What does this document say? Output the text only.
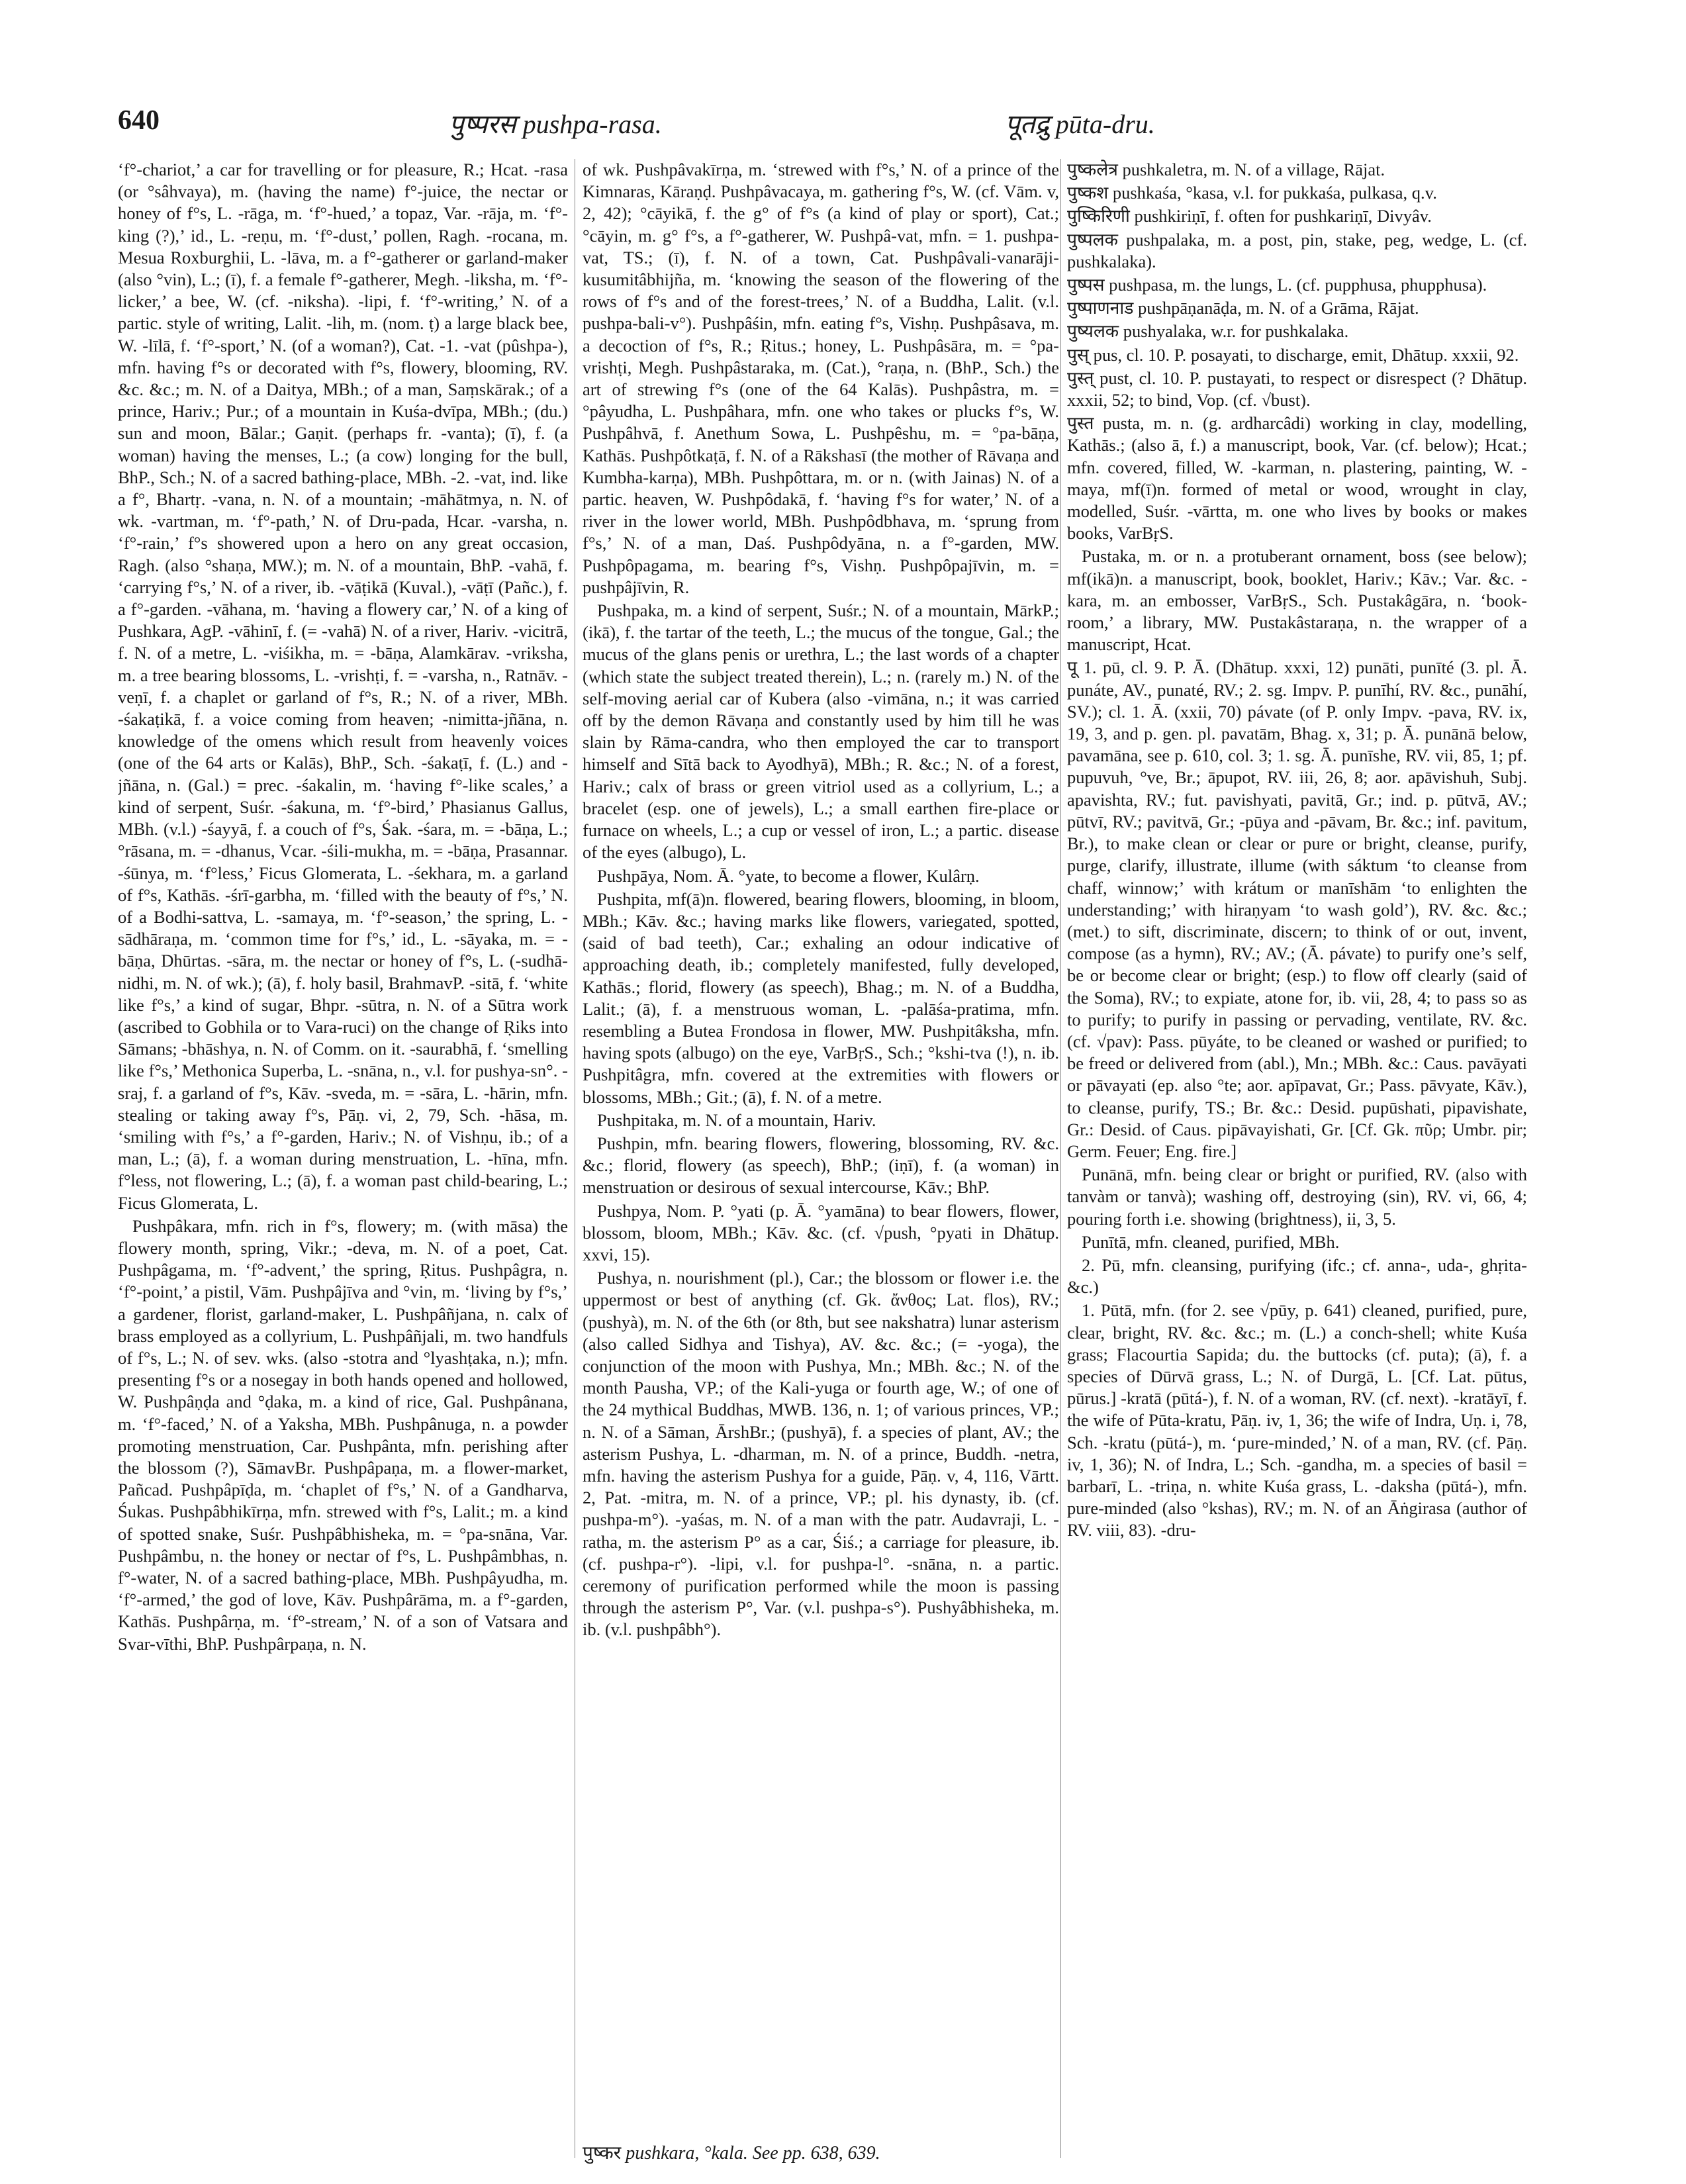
640	पुष्परस pushpa-rasa.	पूतद्रु pūta-dru.

‘f°-chariot,’ a car for travelling or for pleasure, R.; Hcat. -rasa (or °sâhvaya), m. (having the name) f°-juice, the nectar or honey of f°s, L. -rāga, m. ‘f°-hued,’ a topaz, Var. -rāja, m. ‘f°-king (?),’ id., L. -reṇu, m. ‘f°-dust,’ pollen, Ragh. -rocana, m. Mesua Roxburghii, L. -lāva, m. a f°-gatherer or garland-maker (also °vin), L.; (ī), f. a female f°-gatherer, Megh. -liksha, m. ‘f°-licker,’ a bee, W. (cf. -niksha). -lipi, f. ‘f°-writing,’ N. of a partic. style of writing, Lalit. -lih, m. (nom. ṭ) a large black bee, W. -līlā, f. ‘f°-sport,’ N. (of a woman?), Cat. -1. -vat (pûshpa-), mfn. having f°s or decorated with f°s, flowery, blooming, RV. &c. &c.; m. N. of a Daitya, MBh.; of a man, Saṃskārak.; of a prince, Hariv.; Pur.; of a mountain in Kuśa-dvīpa, MBh.; (du.) sun and moon, Bālar.; Gaṇit. (perhaps fr. -vanta); (ī), f. (a woman) having the menses, L.; (a cow) longing for the bull, BhP., Sch.; N. of a sacred bathing-place, MBh. -2. -vat, ind. like a f°, Bhartṛ. -vana, n. N. of a mountain; -māhātmya, n. N. of wk. -vartman, m. ‘f°-path,’ N. of Dru-pada, Hcar. -varsha, n. ‘f°-rain,’ f°s showered upon a hero on any great occasion, Ragh. (also °shaṇa, MW.); m. N. of a mountain, BhP. -vahā, f. ‘carrying f°s,’ N. of a river, ib. -vāṭikā (Kuval.), -vāṭī (Pañc.), f. a f°-garden. -vāhana, m. ‘having a flowery car,’ N. of a king of Pushkara, AgP. -vāhinī, f. (= -vahā) N. of a river, Hariv. -vicitrā, f. N. of a metre, L. -viśikha, m. = -bāṇa, Alamkārav. -vriksha, m. a tree bearing blossoms, L. -vrishṭi, f. = -varsha, n., Ratnāv. -veṇī, f. a chaplet or garland of f°s, R.; N. of a river, MBh. -śakaṭikā, f. a voice coming from heaven; -nimitta-jñāna, n. knowledge of the omens which result from heavenly voices (one of the 64 arts or Kalās), BhP., Sch. -śakaṭī, f. (L.) and -jñāna, n. (Gal.) = prec. -śakalin, m. ‘having f°-like scales,’ a kind of serpent, Suśr. -śakuna, m. ‘f°-bird,’ Phasianus Gallus, MBh. (v.l.) -śayyā, f. a couch of f°s, Śak. -śara, m. = -bāṇa, L.; °rāsana, m. = -dhanus, Vcar. -śili-mukha, m. = -bāṇa, Prasannar. -śūnya, m. ‘f°less,’ Ficus Glomerata, L. -śekhara, m. a garland of f°s, Kathās. -śrī-garbha, m. ‘filled with the beauty of f°s,’ N. of a Bodhi-sattva, L. -samaya, m. ‘f°-season,’ the spring, L. -sādhāraṇa, m. ‘common time for f°s,’ id., L. -sāyaka, m. = -bāṇa, Dhūrtas. -sāra, m. the nectar or honey of f°s, L. (-sudhā-nidhi, m. N. of wk.); (ā), f. holy basil, BrahmavP. -sitā, f. ‘white like f°s,’ a kind of sugar, Bhpr. -sūtra, n. N. of a Sūtra work (ascribed to Gobhila or to Vara-ruci) on the change of Ṛiks into Sāmans; -bhāshya, n. N. of Comm. on it. -saurabhā, f. ‘smelling like f°s,’ Methonica Superba, L. -snāna, n., v.l. for pushya-sn°. -sraj, f. a garland of f°s, Kāv. -sveda, m. = -sāra, L. -hārin, mfn. stealing or taking away f°s, Pāṇ. vi, 2, 79, Sch. -hāsa, m. ‘smiling with f°s,’ a f°-garden, Hariv.; N. of Vishṇu, ib.; of a man, L.; (ā), f. a woman during menstruation, L. -hīna, mfn. f°less, not flowering, L.; (ā), f. a woman past child-bearing, L.; Ficus Glomerata, L.

Pushpâkara, mfn. rich in f°s, flowery; m. (with māsa) the flowery month, spring, Vikr.; -deva, m. N. of a poet, Cat. Pushpâgama, m. ‘f°-advent,’ the spring, Ṛitus. Pushpâgra, n. ‘f°-point,’ a pistil, Vām. Pushpâjīva and °vin, m. ‘living by f°s,’ a gardener, florist, garland-maker, L. Pushpâñjana, n. calx of brass employed as a collyrium, L. Pushpâñjali, m. two handfuls of f°s, L.; N. of sev. wks. (also -stotra and °lyashṭaka, n.); mfn. presenting f°s or a nosegay in both hands opened and hollowed, W. Pushpâṇḍa and °ḍaka, m. a kind of rice, Gal. Pushpânana, m. ‘f°-faced,’ N. of a Yaksha, MBh. Pushpânuga, n. a powder promoting menstruation, Car. Pushpânta, mfn. perishing after the blossom (?), SāmavBr. Pushpâpaṇa, m. a flower-market, Pañcad. Pushpâpīḍa, m. ‘chaplet of f°s,’ N. of a Gandharva, Śukas. Pushpâbhikīrṇa, mfn. strewed with f°s, Lalit.; m. a kind of spotted snake, Suśr. Pushpâbhisheka, m. = °pa-snāna, Var. Pushpâmbu, n. the honey or nectar of f°s, L. Pushpâmbhas, n. f°-water, N. of a sacred bathing-place, MBh. Pushpâyudha, m. ‘f°-armed,’ the god of love, Kāv. Pushpârāma, m. a f°-garden, Kathās. Pushpârṇa, m. ‘f°-stream,’ N. of a son of Vatsara and Svar-vīthi, BhP. Pushpârpaṇa, n. N.

of wk. Pushpâvakīrṇa, m. ‘strewed with f°s,’ N. of a prince of the Kimnaras, Kāraṇḍ. Pushpâvacaya, m. gathering f°s, W. (cf. Vām. v, 2, 42); °cāyikā, f. the g° of f°s (a kind of play or sport), Cat.; °cāyin, m. g° f°s, a f°-gatherer, W. Pushpâ-vat, mfn. = 1. pushpa-vat, TS.; (ī), f. N. of a town, Cat. Pushpâvali-vanarāji-kusumitâbhijña, m. ‘knowing the season of the flowering of the rows of f°s and of the forest-trees,’ N. of a Buddha, Lalit. (v.l. pushpa-bali-v°). Pushpâśin, mfn. eating f°s, Vishṇ. Pushpâsava, m. a decoction of f°s, R.; Ṛitus.; honey, L. Pushpâsāra, m. = °pa-vrishṭi, Megh. Pushpâstaraka, m. (Cat.), °raṇa, n. (BhP., Sch.) the art of strewing f°s (one of the 64 Kalās). Pushpâstra, m. = °pâyudha, L. Pushpâhara, mfn. one who takes or plucks f°s, W. Pushpâhvā, f. Anethum Sowa, L. Pushpêshu, m. = °pa-bāṇa, Kathās. Pushpôtkaṭā, f. N. of a Rākshasī (the mother of Rāvaṇa and Kumbha-karṇa), MBh. Pushpôttara, m. or n. (with Jainas) N. of a partic. heaven, W. Pushpôdakā, f. ‘having f°s for water,’ N. of a river in the lower world, MBh. Pushpôdbhava, m. ‘sprung from f°s,’ N. of a man, Daś. Pushpôdyāna, n. a f°-garden, MW. Pushpôpagama, m. bearing f°s, Vishṇ. Pushpôpajīvin, m. = pushpâjīvin, R.

Pushpaka, m. a kind of serpent, Suśr.; N. of a mountain, MārkP.; (ikā), f. the tartar of the teeth, L.; the mucus of the tongue, Gal.; the mucus of the glans penis or urethra, L.; the last words of a chapter (which state the subject treated therein), L.; n. (rarely m.) N. of the self-moving aerial car of Kubera (also -vimāna, n.; it was carried off by the demon Rāvaṇa and constantly used by him till he was slain by Rāma-candra, who then employed the car to transport himself and Sītā back to Ayodhyā), MBh.; R. &c.; N. of a forest, Hariv.; calx of brass or green vitriol used as a collyrium, L.; a bracelet (esp. one of jewels), L.; a small earthen fire-place or furnace on wheels, L.; a cup or vessel of iron, L.; a partic. disease of the eyes (albugo), L.

Pushpāya, Nom. Ā. °yate, to become a flower, Kulârṇ.

Pushpita, mf(ā)n. flowered, bearing flowers, blooming, in bloom, MBh.; Kāv. &c.; having marks like flowers, variegated, spotted, (said of bad teeth), Car.; exhaling an odour indicative of approaching death, ib.; completely manifested, fully developed, Kathās.; florid, flowery (as speech), Bhag.; m. N. of a Buddha, Lalit.; (ā), f. a menstruous woman, L. -palāśa-pratima, mfn. resembling a Butea Frondosa in flower, MW. Pushpitâksha, mfn. having spots (albugo) on the eye, VarBṛS., Sch.; °kshi-tva (!), n. ib. Pushpitâgra, mfn. covered at the extremities with flowers or blossoms, MBh.; Git.; (ā), f. N. of a metre.

Pushpitaka, m. N. of a mountain, Hariv.

Pushpin, mfn. bearing flowers, flowering, blossoming, RV. &c. &c.; florid, flowery (as speech), BhP.; (iṇī), f. (a woman) in menstruation or desirous of sexual intercourse, Kāv.; BhP.

Pushpya, Nom. P. °yati (p. Ā. °yamāna) to bear flowers, flower, blossom, bloom, MBh.; Kāv. &c. (cf. √push, °pyati in Dhātup. xxvi, 15).

Pushya, n. nourishment (pl.), Car.; the blossom or flower i.e. the uppermost or best of anything (cf. Gk. ἄνθος; Lat. flos), RV.; (pushyà), m. N. of the 6th (or 8th, but see nakshatra) lunar asterism (also called Sidhya and Tishya), AV. &c. &c.; (= -yoga), the conjunction of the moon with Pushya, Mn.; MBh. &c.; N. of the month Pausha, VP.; of the Kali-yuga or fourth age, W.; of one of the 24 mythical Buddhas, MWB. 136, n. 1; of various princes, VP.; n. N. of a Sāman, ĀrshBr.; (pushyā), f. a species of plant, AV.; the asterism Pushya, L. -dharman, m. N. of a prince, Buddh. -netra, mfn. having the asterism Pushya for a guide, Pāṇ. v, 4, 116, Vārtt. 2, Pat. -mitra, m. N. of a prince, VP.; pl. his dynasty, ib. (cf. pushpa-m°). -yaśas, m. N. of a man with the patr. Audavraji, L. -ratha, m. the asterism P° as a car, Śiś.; a carriage for pleasure, ib. (cf. pushpa-r°). -lipi, v.l. for pushpa-l°. -snāna, n. a partic. ceremony of purification performed while the moon is passing through the asterism P°, Var. (v.l. pushpa-s°). Pushyâbhisheka, m. ib. (v.l. pushpâbh°).

पुष्कलेत्र pushkaletra, m. N. of a village, Rājat.

पुष्कश pushkaśa, °kasa, v.l. for pukkaśa, pulkasa, q.v.

पुष्किरिणी pushkiriṇī, f. often for pushkariṇī, Divyâv.

पुष्पलक pushpalaka, m. a post, pin, stake, peg, wedge, L. (cf. pushkalaka).

पुष्पस pushpasa, m. the lungs, L. (cf. pupphusa, phupphusa).

पुष्पाणनाड pushpāṇanāḍa, m. N. of a Grāma, Rājat.

पुष्यलक pushyalaka, w.r. for pushkalaka.

पुस् pus, cl. 10. P. posayati, to discharge, emit, Dhātup. xxxii, 92.

पुस्त् pust, cl. 10. P. pustayati, to respect or disrespect (? Dhātup. xxxii, 52; to bind, Vop. (cf. √bust).

पुस्त pusta, m. n. (g. ardharcâdi) working in clay, modelling, Kathās.; (also ā, f.) a manuscript, book, Var. (cf. below); Hcat.; mfn. covered, filled, W. -karman, n. plastering, painting, W. -maya, mf(ī)n. formed of metal or wood, wrought in clay, modelled, Suśr. -vārtta, m. one who lives by books or makes books, VarBṛS.

Pustaka, m. or n. a protuberant ornament, boss (see below); mf(ikā)n. a manuscript, book, booklet, Hariv.; Kāv.; Var. &c. -kara, m. an embosser, VarBṛS., Sch. Pustakâgāra, n. ‘book-room,’ a library, MW. Pustakâstaraṇa, n. the wrapper of a manuscript, Hcat.

पू 1. pū, cl. 9. P. Ā. (Dhātup. xxxi, 12) punāti, punīté (3. pl. Ā. punáte, AV., punaté, RV.; 2. sg. Impv. P. punīhí, RV. &c., punāhí, SV.); cl. 1. Ā. (xxii, 70) pávate (of P. only Impv. -pava, RV. ix, 19, 3, and p. gen. pl. pavatām, Bhag. x, 31; p. Ā. punānā below, pavamāna, see p. 610, col. 3; 1. sg. Ā. punīshe, RV. vii, 85, 1; pf. pupuvuh, °ve, Br.; āpupot, RV. iii, 26, 8; aor. apāvishuh, Subj. apavishta, RV.; fut. pavishyati, pavitā, Gr.; ind. p. pūtvā, AV.; pūtvī, RV.; pavitvā, Gr.; -pūya and -pāvam, Br. &c.; inf. pavitum, Br.), to make clean or clear or pure or bright, cleanse, purify, purge, clarify, illustrate, illume (with sáktum ‘to cleanse from chaff, winnow;’ with krátum or manīshām ‘to enlighten the understanding;’ with hiraṇyam ‘to wash gold’), RV. &c. &c.; (met.) to sift, discriminate, discern; to think of or out, invent, compose (as a hymn), RV.; AV.; (Ā. pávate) to purify one’s self, be or become clear or bright; (esp.) to flow off clearly (said of the Soma), RV.; to expiate, atone for, ib. vii, 28, 4; to pass so as to purify; to purify in passing or pervading, ventilate, RV. &c. (cf. √pav): Pass. pūyáte, to be cleaned or washed or purified; to be freed or delivered from (abl.), Mn.; MBh. &c.: Caus. pavāyati or pāvayati (ep. also °te; aor. apīpavat, Gr.; Pass. pāvyate, Kāv.), to cleanse, purify, TS.; Br. &c.: Desid. pupūshati, pipavishate, Gr.: Desid. of Caus. pipāvayishati, Gr. [Cf. Gk. πῦρ; Umbr. pir; Germ. Feuer; Eng. fire.]

Punānā, mfn. being clear or bright or purified, RV. (also with tanvàm or tanvà); washing off, destroying (sin), RV. vi, 66, 4; pouring forth i.e. showing (brightness), ii, 3, 5.

Punītā, mfn. cleaned, purified, MBh.

2. Pū, mfn. cleansing, purifying (ifc.; cf. anna-, uda-, ghṛita- &c.)

1. Pūtā, mfn. (for 2. see √pūy, p. 641) cleaned, purified, pure, clear, bright, RV. &c. &c.; m. (L.) a conch-shell; white Kuśa grass; Flacourtia Sapida; du. the buttocks (cf. puta); (ā), f. a species of Dūrvā grass, L.; N. of Durgā, L. [Cf. Lat. pūtus, pūrus.] -kratā (pūtá-), f. N. of a woman, RV. (cf. next). -kratāyī, f. the wife of Pūta-kratu, Pāṇ. iv, 1, 36; the wife of Indra, Uṇ. i, 78, Sch. -kratu (pūtá-), m. ‘pure-minded,’ N. of a man, RV. (cf. Pāṇ. iv, 1, 36); N. of Indra, L.; Sch. -gandha, m. a species of basil = barbarī, L. -triṇa, n. white Kuśa grass, L. -daksha (pūtá-), mfn. pure-minded (also °kshas), RV.; m. N. of an Āṅgirasa (author of RV. viii, 83). -dru-

पुष्कर pushkara, °kala. See pp. 638, 639.
